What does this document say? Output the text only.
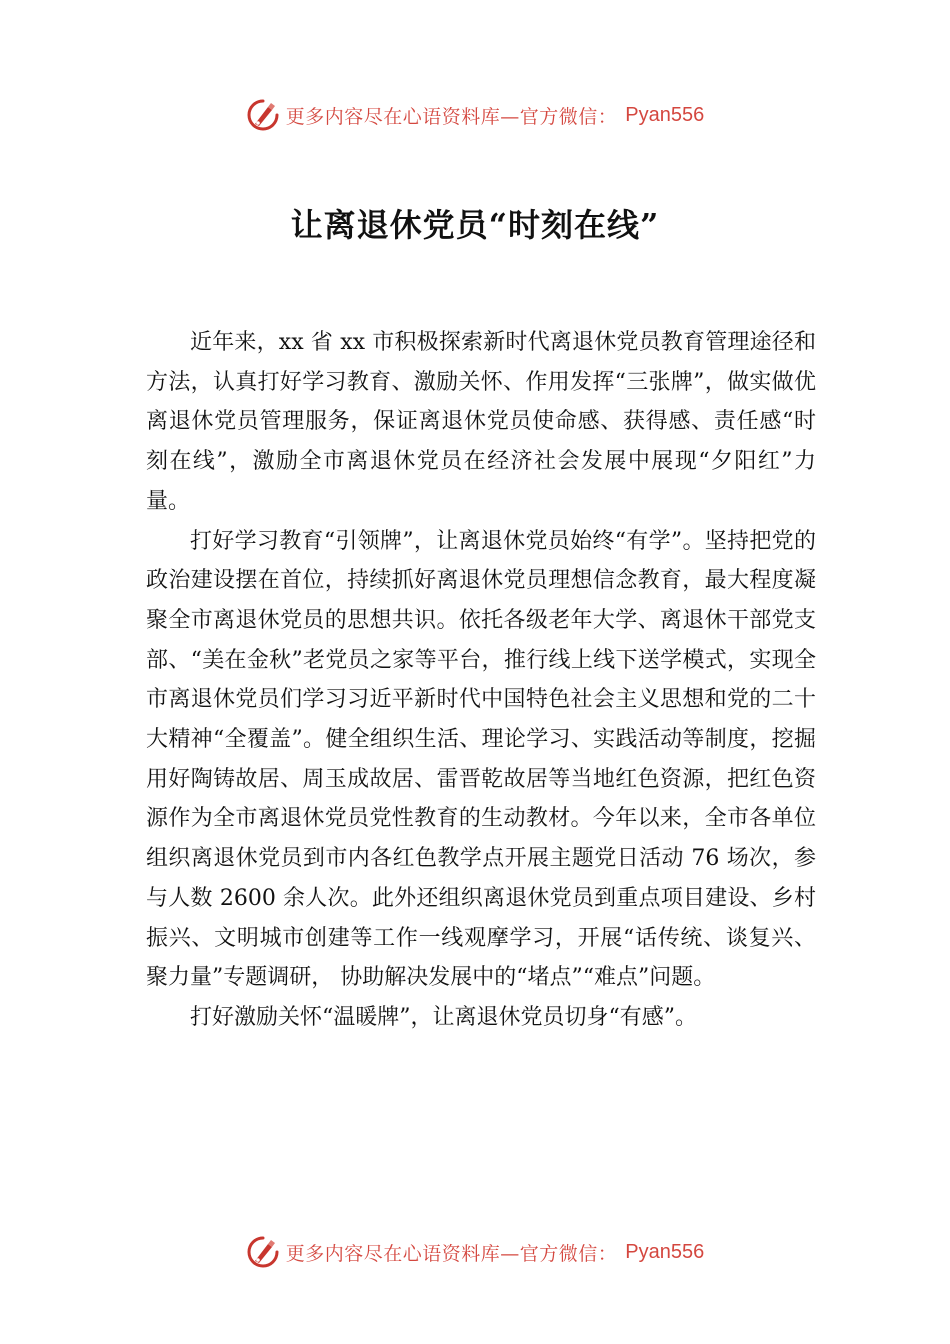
更多内容尽在心语资料库—官方微信： Pyan556
让离退休党员“时刻在线”

近年来，xx 省 xx 市积极探索新时代离退休党员教育管理途径和方法，认真打好学习教育、激励关怀、作用发挥“三张牌”，做实做优离退休党员管理服务，保证离退休党员使命感、获得感、责任感“时刻在线”，激励全市离退休党员在经济社会发展中展现“夕阳红”力量。

打好学习教育“引领牌”，让离退休党员始终“有学”。坚持把党的政治建设摆在首位，持续抓好离退休党员理想信念教育，最大程度凝聚全市离退休党员的思想共识。依托各级老年大学、离退休干部党支部、“美在金秋”老党员之家等平台，推行线上线下送学模式，实现全市离退休党员们学习习近平新时代中国特色社会主义思想和党的二十大精神“全覆盖”。健全组织生活、理论学习、实践活动等制度，挖掘用好陶铸故居、周玉成故居、雷晋乾故居等当地红色资源，把红色资源作为全市离退休党员党性教育的生动教材。今年以来，全市各单位组织离退休党员到市内各红色教学点开展主题党日活动 76 场次，参与人数 2600 余人次。此外还组织离退休党员到重点项目建设、乡村振兴、文明城市创建等工作一线观摩学习，开展“话传统、谈复兴、聚力量”专题调研， 协助解决发展中的“堵点”“难点”问题。

打好激励关怀“温暖牌”，让离退休党员切身“有感”。

更多内容尽在心语资料库—官方微信： Pyan556
